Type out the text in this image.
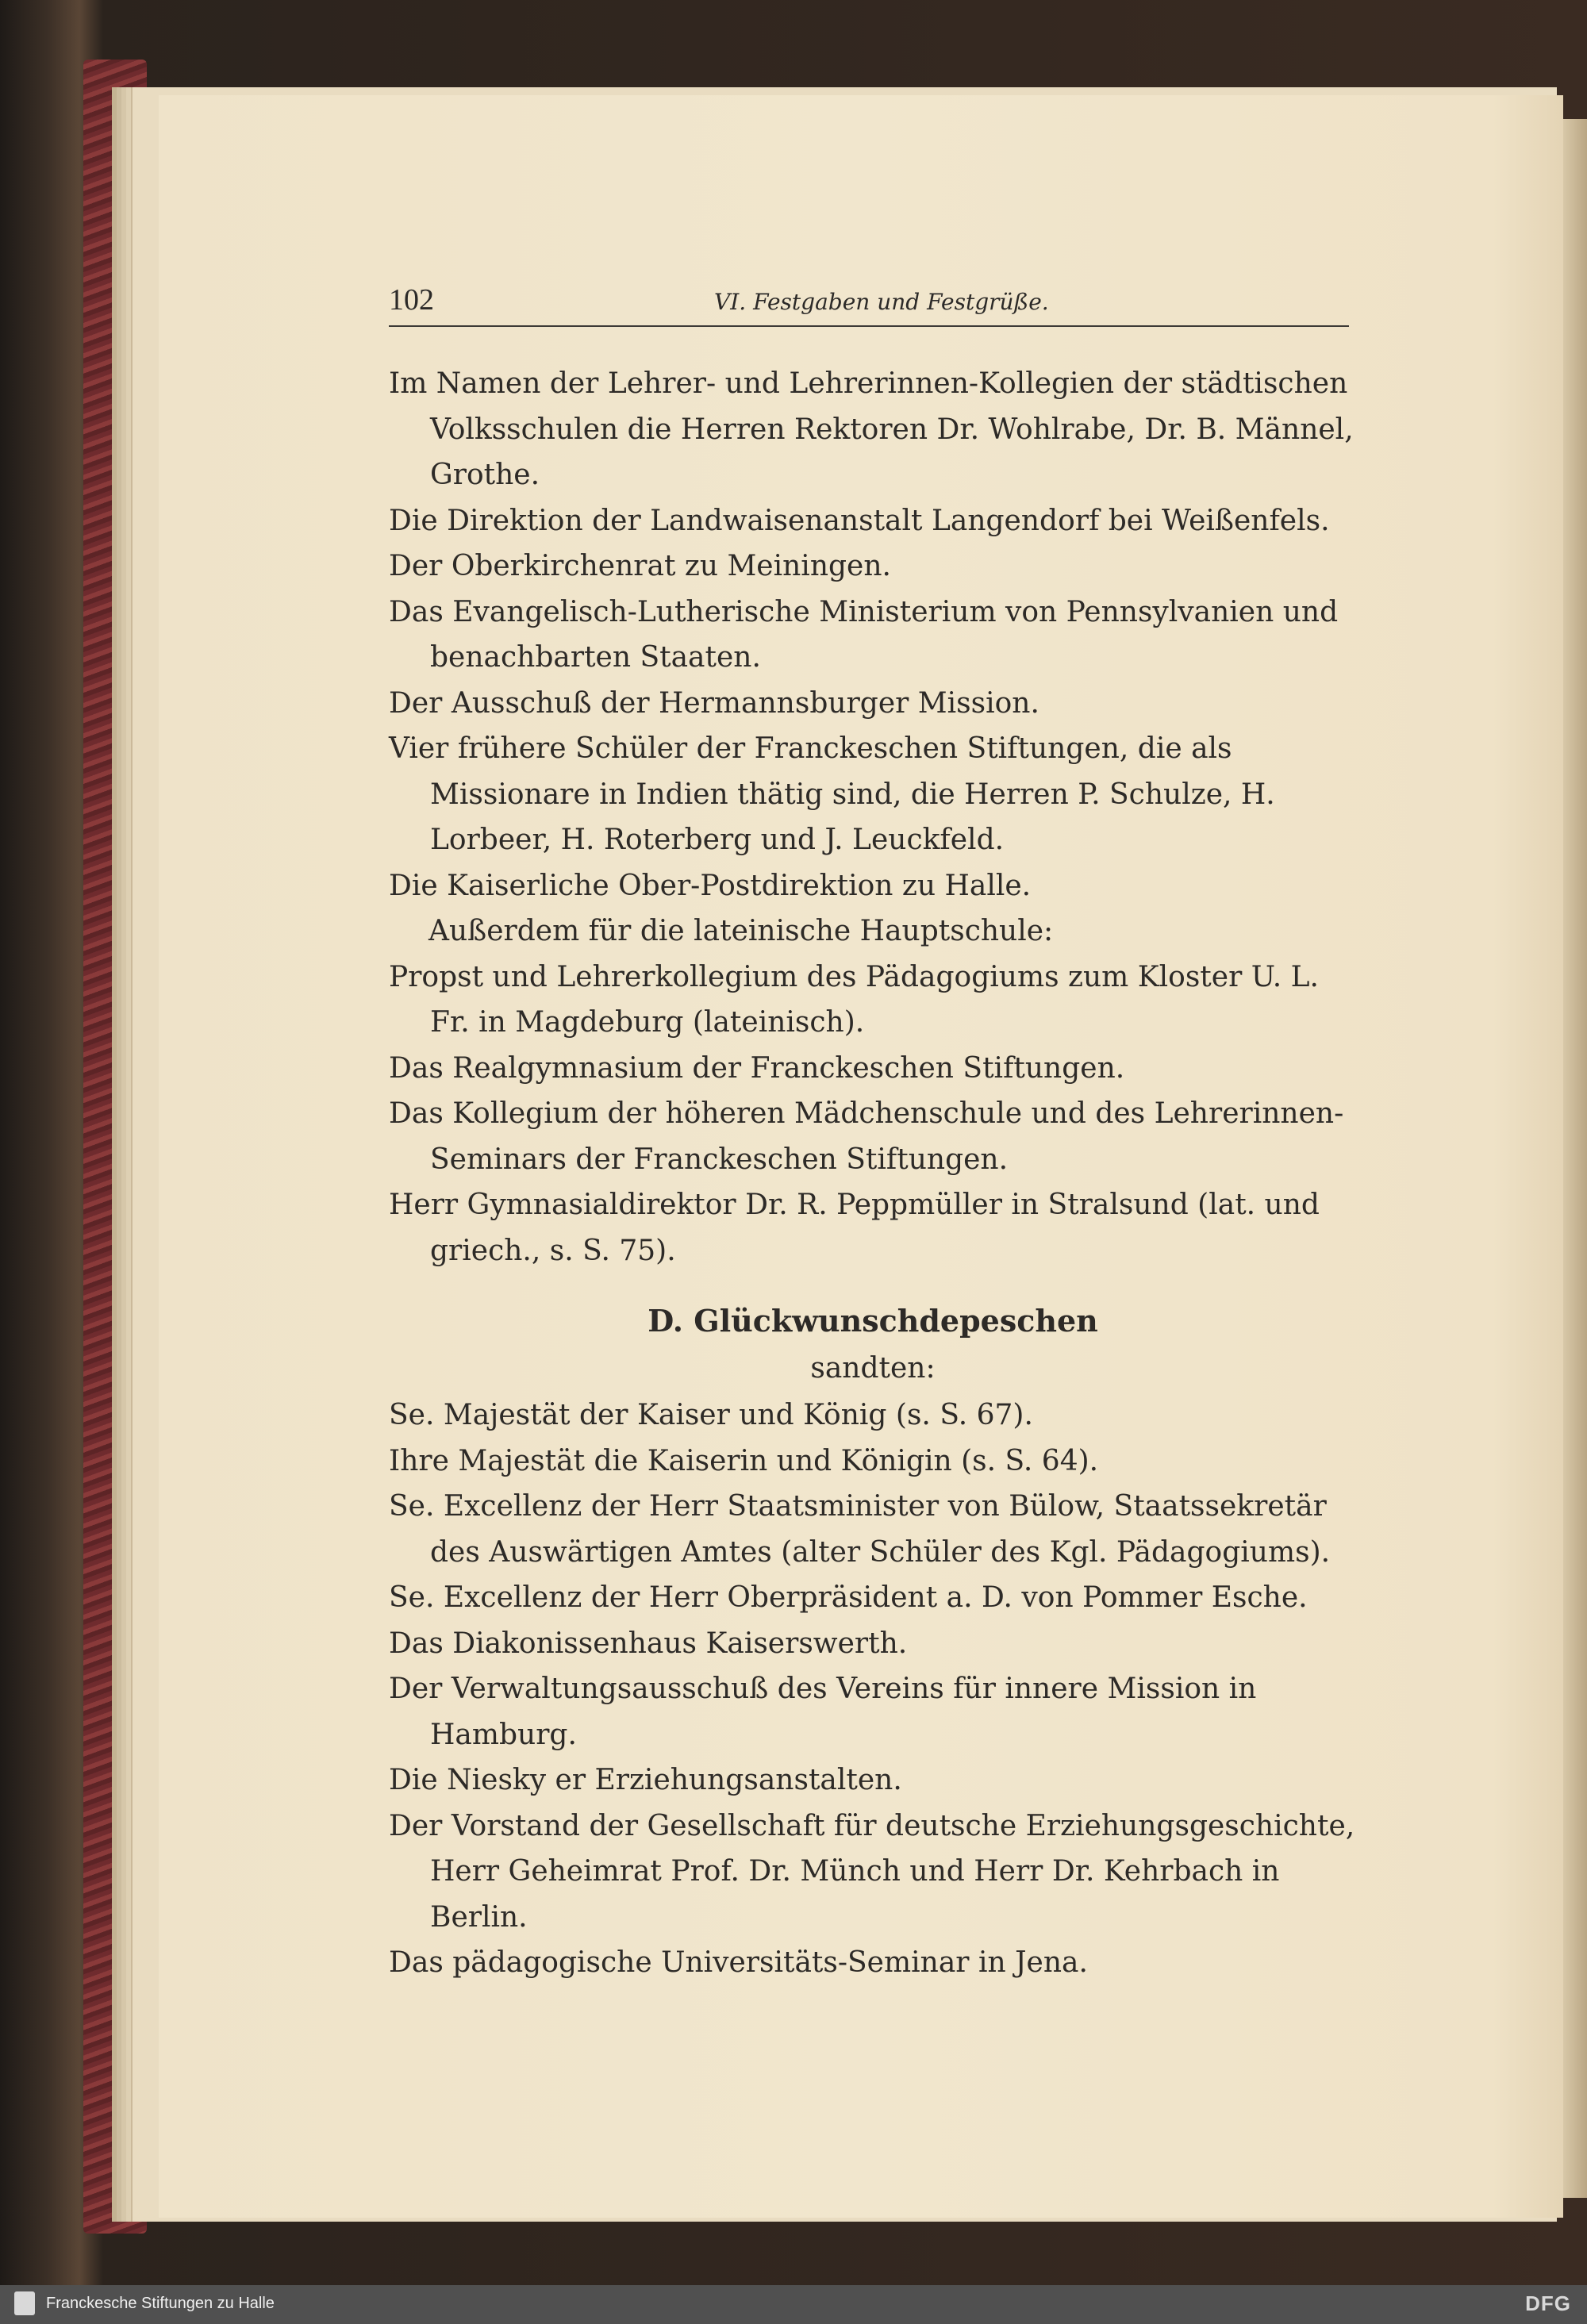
102	VI. Festgaben und Festgrüße.
Im Namen der Lehrer- und Lehrerinnen-Kollegien der städtischen Volksschulen die Herren Rektoren Dr. Wohlrabe, Dr. B. Männel, Grothe.
Die Direktion der Landwaisenanstalt Langendorf bei Weißenfels.
Der Oberkirchenrat zu Meiningen.
Das Evangelisch-Lutherische Ministerium von Pennsylvanien und benachbarten Staaten.
Der Ausschuß der Hermannsburger Mission.
Vier frühere Schüler der Franckeschen Stiftungen, die als Missionare in Indien thätig sind, die Herren P. Schulze, H. Lorbeer, H. Roterberg und J. Leuckfeld.
Die Kaiserliche Ober-Postdirektion zu Halle.
Außerdem für die lateinische Hauptschule:
Propst und Lehrerkollegium des Pädagogiums zum Kloster U. L. Fr. in Magdeburg (lateinisch).
Das Realgymnasium der Franckeschen Stiftungen.
Das Kollegium der höheren Mädchenschule und des Lehrerinnen-Seminars der Franckeschen Stiftungen.
Herr Gymnasialdirektor Dr. R. Peppmüller in Stralsund (lat. und griech., s. S. 75).
D. Glückwunschdepeschen
sandten:
Se. Majestät der Kaiser und König (s. S. 67).
Ihre Majestät die Kaiserin und Königin (s. S. 64).
Se. Excellenz der Herr Staatsminister von Bülow, Staatssekretär des Auswärtigen Amtes (alter Schüler des Kgl. Pädagogiums).
Se. Excellenz der Herr Oberpräsident a. D. von Pommer Esche.
Das Diakonissenhaus Kaiserswerth.
Der Verwaltungsausschuß des Vereins für innere Mission in Hamburg.
Die Niesky er Erziehungsanstalten.
Der Vorstand der Gesellschaft für deutsche Erziehungsgeschichte, Herr Geheimrat Prof. Dr. Münch und Herr Dr. Kehrbach in Berlin.
Das pädagogische Universitäts-Seminar in Jena.
Franckesche Stiftungen zu Halle	DFG
